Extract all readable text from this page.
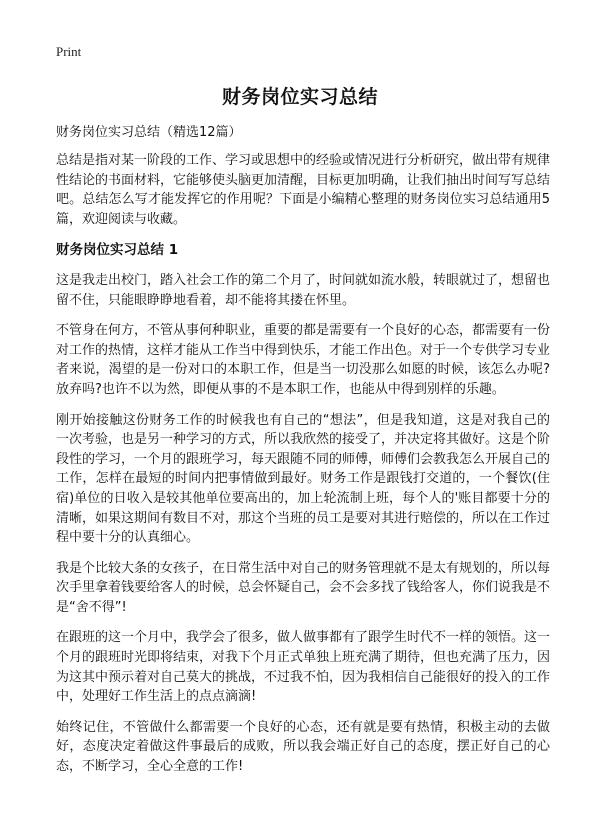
Print
财务岗位实习总结
财务岗位实习总结（精选12篇）

总结是指对某一阶段的工作、学习或思想中的经验或情况进行分析研究，做出带有规律性结论的书面材料，它能够使头脑更加清醒，目标更加明确，让我们抽出时间写写总结吧。总结怎么写才能发挥它的作用呢？下面是小编精心整理的财务岗位实习总结通用5篇，欢迎阅读与收藏。

财务岗位实习总结 1

这是我走出校门，踏入社会工作的第二个月了，时间就如流水般，转眼就过了，想留也留不住，只能眼睁睁地看着，却不能将其搂在怀里。

不管身在何方，不管从事何种职业，重要的都是需要有一个良好的心态，都需要有一份对工作的热情，这样才能从工作当中得到快乐，才能工作出色。对于一个专供学习专业者来说，渴望的是一份对口的本职工作，但是当一切没那么如愿的时候，该怎么办呢?放弃吗?也许不以为然，即便从事的不是本职工作，也能从中得到别样的乐趣。

刚开始接触这份财务工作的时候我也有自己的“想法”，但是我知道，这是对我自己的一次考验，也是另一种学习的方式，所以我欣然的接受了，并决定将其做好。这是个阶段性的学习，一个月的跟班学习，每天跟随不同的师傅，师傅们会教我怎么开展自己的工作，怎样在最短的时间内把事情做到最好。财务工作是跟钱打交道的，一个餐饮(住宿)单位的日收入是较其他单位要高出的，加上轮流制上班，每个人的'账目都要十分的清晰，如果这期间有数目不对，那这个当班的员工是要对其进行赔偿的，所以在工作过程中要十分的认真细心。

我是个比较大条的女孩子，在日常生活中对自己的财务管理就不是太有规划的，所以每次手里拿着钱要给客人的时候，总会怀疑自己，会不会多找了钱给客人，你们说我是不是“舍不得”!

在跟班的这一个月中，我学会了很多，做人做事都有了跟学生时代不一样的领悟。这一个月的跟班时光即将结束，对我下个月正式单独上班充满了期待，但也充满了压力，因为这其中预示着对自己莫大的挑战，不过我不怕，因为我相信自己能很好的投入的工作中，处理好工作生活上的点点滴滴!

始终记住，不管做什么都需要一个良好的心态，还有就是要有热情，积极主动的去做好，态度决定着做这件事最后的成败，所以我会端正好自己的态度，摆正好自己的心态，不断学习，全心全意的工作!
